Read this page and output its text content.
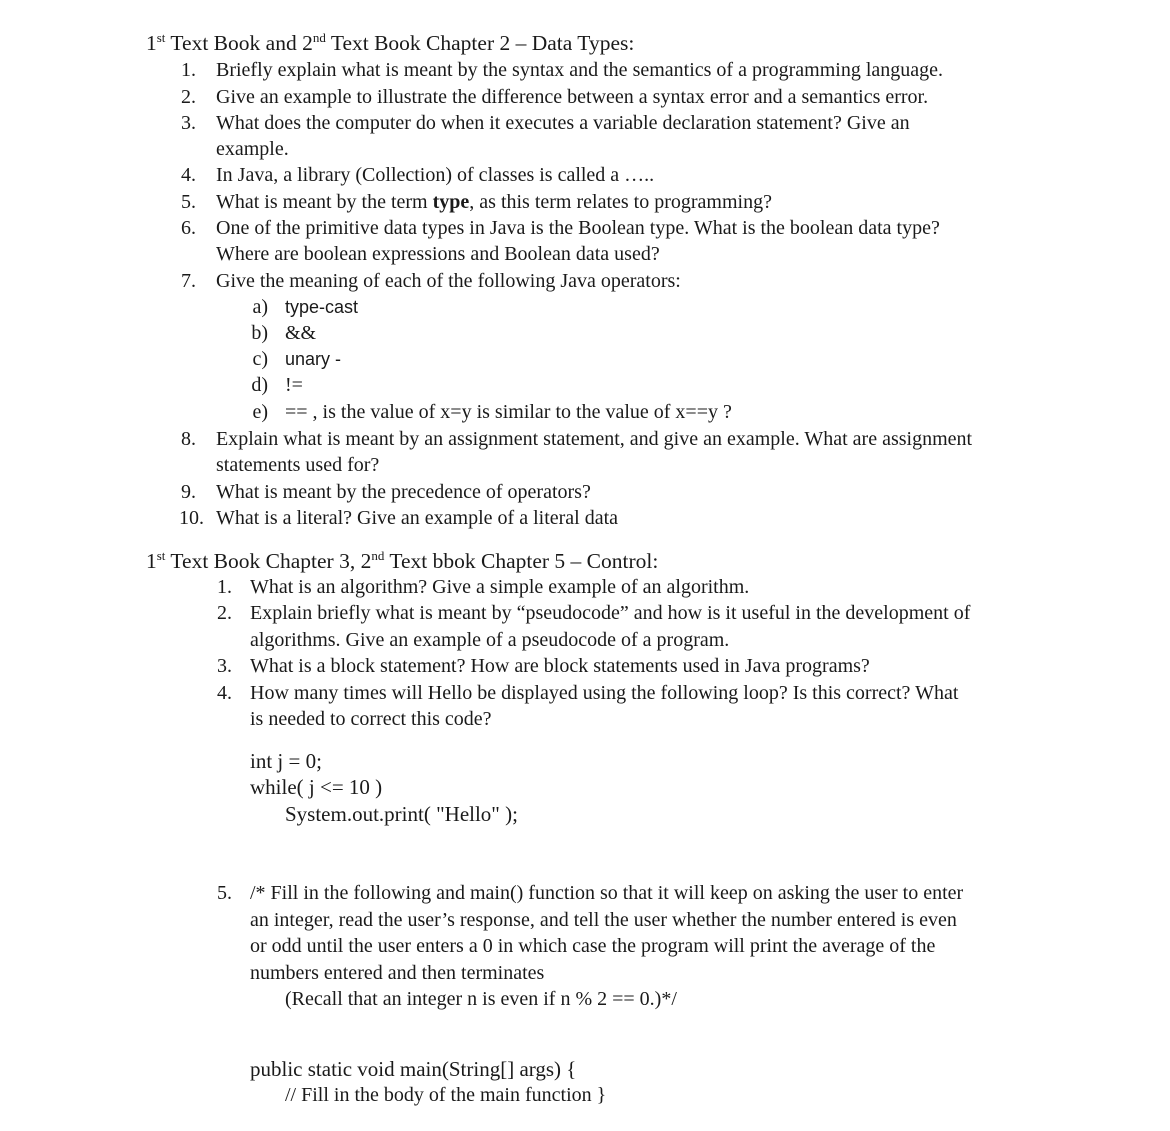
1st Text Book and 2nd Text Book Chapter 2 – Data Types:
1. Briefly explain what is meant by the syntax and the semantics of a programming language.
2. Give an example to illustrate the difference between a syntax error and a semantics error.
3. What does the computer do when it executes a variable declaration statement? Give an
example.
4. In Java, a library (Collection) of classes is called a …..
5. What is meant by the term type, as this term relates to programming?
6. One of the primitive data types in Java is the Boolean type. What is the boolean data type?
Where are boolean expressions and Boolean data used?
7. Give the meaning of each of the following Java operators:
a) type-cast
b) &&
c) unary -
d) !=
e) == , is the value of x=y is similar to the value of x==y ?
8. Explain what is meant by an assignment statement, and give an example. What are assignment
statements used for?
9. What is meant by the precedence of operators?
10. What is a literal? Give an example of a literal data
1st Text Book Chapter 3, 2nd Text bbok Chapter 5 – Control:
1. What is an algorithm? Give a simple example of an algorithm.
2. Explain briefly what is meant by “pseudocode” and how is it useful in the development of
algorithms. Give an example of a pseudocode of a program.
3. What is a block statement? How are block statements used in Java programs?
4. How many times will Hello be displayed using the following loop? Is this correct? What
is needed to correct this code?
int j = 0;
while( j <= 10 )
System.out.print( "Hello" );
5. /* Fill in the following and main() function so that it will keep on asking the user to enter
an integer, read the user’s response, and tell the user whether the number entered is even
or odd until the user enters a 0 in which case the program will print the average of the
numbers entered and then terminates
(Recall that an integer n is even if n % 2 == 0.)*/
public static void main(String[] args) {
// Fill in the body of the main function }
